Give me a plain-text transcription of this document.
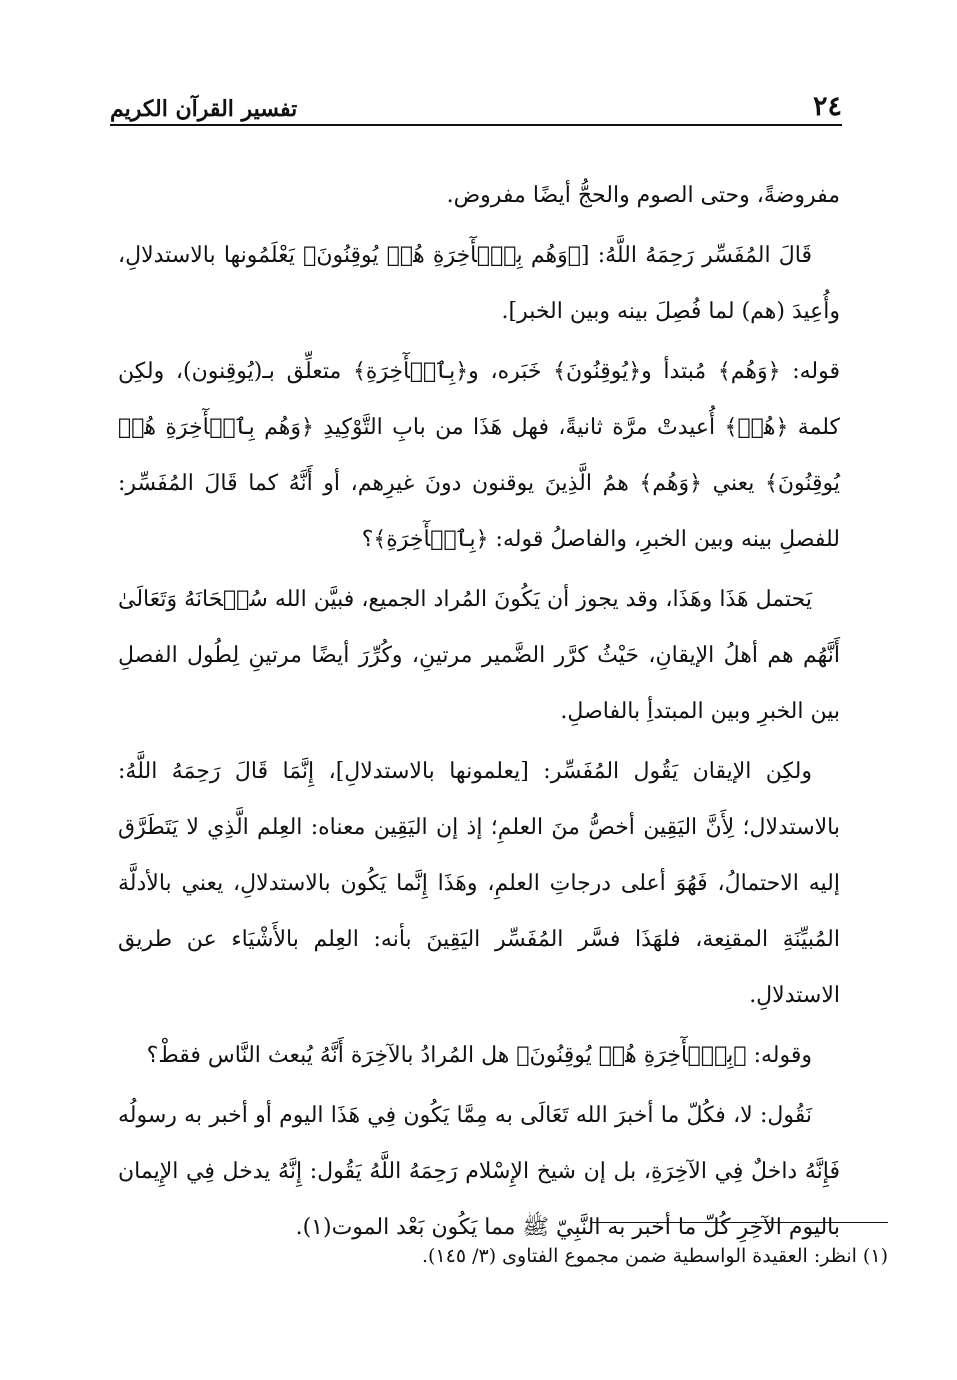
٢٤
تفسير القرآن الكريم

مفروضةً، وحتى الصوم والحجُّ أيضًا مفروض.

قَالَ المُفَسِّر رَحِمَهُ اللَّهُ: [﴿وَهُم بِٱلۡأٓخِرَةِ هُمۡ يُوقِنُونَ﴾ يَعْلَمُونها بالاستدلالِ، وأُعِيدَ (هم) لما فُصِلَ بينه وبين الخبر].

قوله: ﴿وَهُم﴾ مُبتدأ و﴿يُوقِنُونَ﴾ خَبَره، و﴿بِٱلۡأٓخِرَةِ﴾ متعلِّق بـ(يُوقِنون)، ولكِن كلمة ﴿هُمۡ﴾ أُعيدتْ مرَّة ثانيةً، فهل هَذَا من بابِ التَّوْكِيدِ ﴿وَهُم بِٱلۡأٓخِرَةِ هُمۡ يُوقِنُونَ﴾ يعني ﴿وَهُم﴾ همُ الَّذِينَ يوقنون دونَ غيرِهم، أو أَنَّهُ كما قَالَ المُفَسِّر: للفصلِ بينه وبين الخبرِ، والفاصلُ قوله: ﴿بِٱلۡأٓخِرَةِ﴾؟

يَحتمل هَذَا وهَذَا، وقد يجوز أن يَكُونَ المُراد الجميع، فبيَّن الله سُبۡحَانَهُ وَتَعَالَىٰ أَنَّهُم هم أهلُ الإيقانِ، حَيْثُ كرَّر الضَّمير مرتينِ، وكُرِّرَ أيضًا مرتينِ لِطُول الفصلِ بين الخبرِ وبين المبتدأِ بالفاصلِ.

ولكِن الإيقان يَقُول المُفَسِّر: [يعلمونها بالاستدلالِ]، إِنَّمَا قَالَ رَحِمَهُ اللَّهُ: بالاستدلال؛ لِأَنَّ اليَقِين أخصُّ منَ العلمِ؛ إذ إن اليَقِين معناه: العِلم الَّذِي لا يَتَطَرَّق إليه الاحتمالُ، فَهُوَ أعلى درجاتِ العلمِ، وهَذَا إِنَّما يَكُون بالاستدلالِ، يعني بالأدلَّة المُبيِّنَةِ المقنِعة، فلهَذَا فسَّر المُفَسِّر اليَقِينَ بأنه: العِلم بالأَشْيَاء عن طريق الاستدلالِ.

وقوله: ﴿بِٱلۡأٓخِرَةِ هُمۡ يُوقِنُونَ﴾ هل المُرادُ بالآخِرَة أَنَّهُ يُبعث النَّاس فقطْ؟

نَقُول: لا، فكُلّ ما أخبرَ الله تَعَالَى به مِمَّا يَكُون فِي هَذَا اليوم أو أخبر به رسولُه فَإِنَّهُ داخلٌ فِي الآخِرَةِ، بل إن شيخ الإِسْلام رَحِمَهُ اللَّهُ يَقُول: إِنَّهُ يدخل فِي الإِيمان باليوم الآخِرِ كُلّ ما أخبر به النَّبِيّ ﷺ مما يَكُون بَعْد الموت(١).

(١) انظر: العقيدة الواسطية ضمن مجموع الفتاوى (٣/ ١٤٥).
